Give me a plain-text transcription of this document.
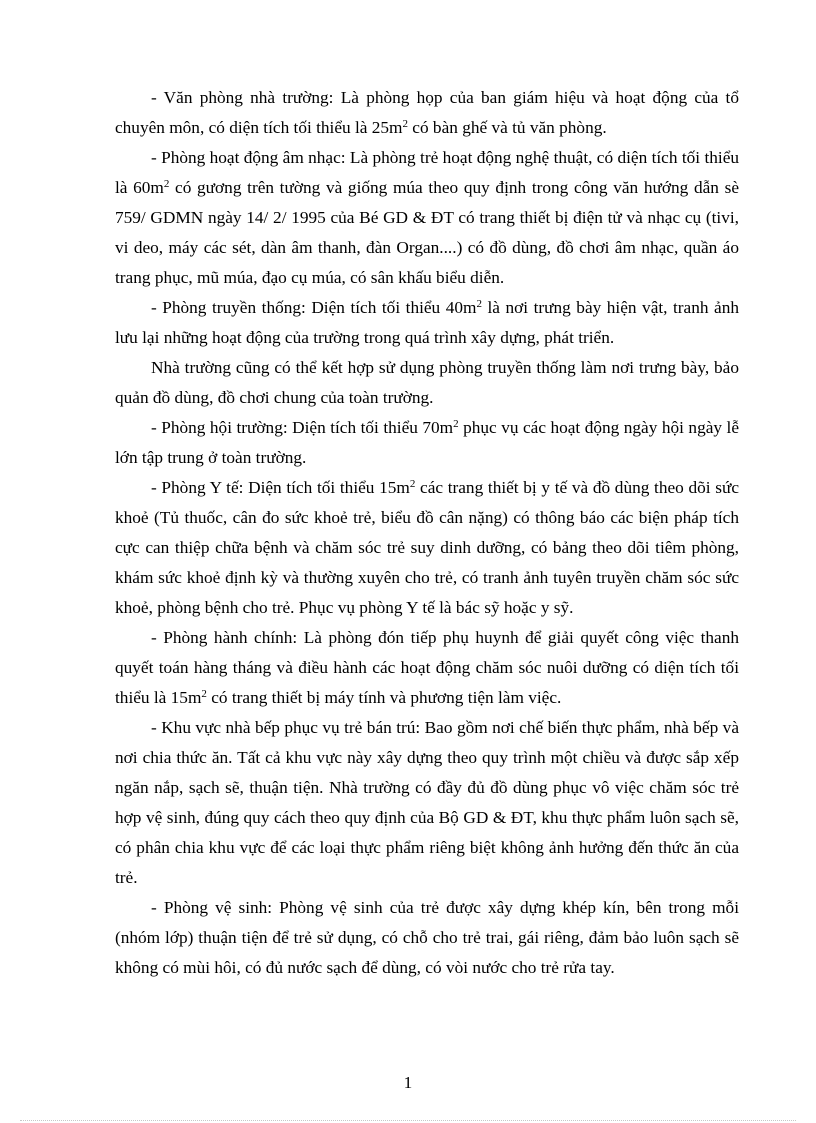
- Văn phòng nhà trường: Là phòng họp của ban giám hiệu và hoạt động của tổ chuyên môn, có diện tích tối thiểu là $25m^2$ có bàn ghế và tủ văn phòng.

- Phòng hoạt động âm nhạc: Là phòng trẻ hoạt động nghệ thuật, có diện tích tối thiểu là $60m^2$ có gương trên tường và giống múa theo quy định trong công văn hướng dẫn sè 759/ GDMN ngày 14/ 2/ 1995 của Bé GD & ĐT có trang thiết bị điện tử và nhạc cụ (tivi, vi deo, máy các sét, dàn âm thanh, đàn Organ....) có đồ dùng, đồ chơi âm nhạc, quần áo trang phục, mũ múa, đạo cụ múa, có sân khấu biểu diễn.

- Phòng truyền thống: Diện tích tối thiểu $40m^2$ là nơi trưng bày hiện vật, tranh ảnh lưu lại những hoạt động của trường trong quá trình xây dựng, phát triển.

Nhà trường cũng có thể kết hợp sử dụng phòng truyền thống làm nơi trưng bày, bảo quản đồ dùng, đồ chơi chung của toàn trường.

- Phòng hội trường: Diện tích tối thiểu $70m^2$ phục vụ các hoạt động ngày hội ngày lễ lớn tập trung ở toàn trường.

- Phòng Y tế: Diện tích tối thiểu $15m^2$ các trang thiết bị y tế và đồ dùng theo dõi sức khoẻ (Tủ thuốc, cân đo sức khoẻ trẻ, biểu đồ cân nặng) có thông báo các biện pháp tích cực can thiệp chữa bệnh và chăm sóc trẻ suy dinh dưỡng, có bảng theo dõi tiêm phòng, khám sức khoẻ định kỳ và thường xuyên cho trẻ, có tranh ảnh tuyên truyền chăm sóc sức khoẻ, phòng bệnh cho trẻ. Phục vụ phòng Y tế là bác sỹ hoặc y sỹ.

- Phòng hành chính: Là phòng đón tiếp phụ huynh để giải quyết công việc thanh quyết toán hàng tháng và điều hành các hoạt động chăm sóc nuôi dưỡng có diện tích tối thiểu là $15m^2$ có trang thiết bị máy tính và phương tiện làm việc.

- Khu vực nhà bếp phục vụ trẻ bán trú: Bao gồm nơi chế biến thực phẩm, nhà bếp và nơi chia thức ăn. Tất cả khu vực này xây dựng theo quy trình một chiều và được sắp xếp ngăn nắp, sạch sẽ, thuận tiện. Nhà trường có đầy đủ đồ dùng phục vô việc chăm sóc trẻ hợp vệ sinh, đúng quy cách theo quy định của Bộ GD & ĐT, khu thực phẩm luôn sạch sẽ, có phân chia khu vực để các loại thực phẩm riêng biệt không ảnh hưởng đến thức ăn của trẻ.

- Phòng vệ sinh: Phòng vệ sinh của trẻ được xây dựng khép kín, bên trong mỗi (nhóm lớp) thuận tiện để trẻ sử dụng, có chỗ cho trẻ trai, gái riêng, đảm bảo luôn sạch sẽ không có mùi hôi, có đủ nước sạch để dùng, có vòi nước cho trẻ rửa tay.

1
